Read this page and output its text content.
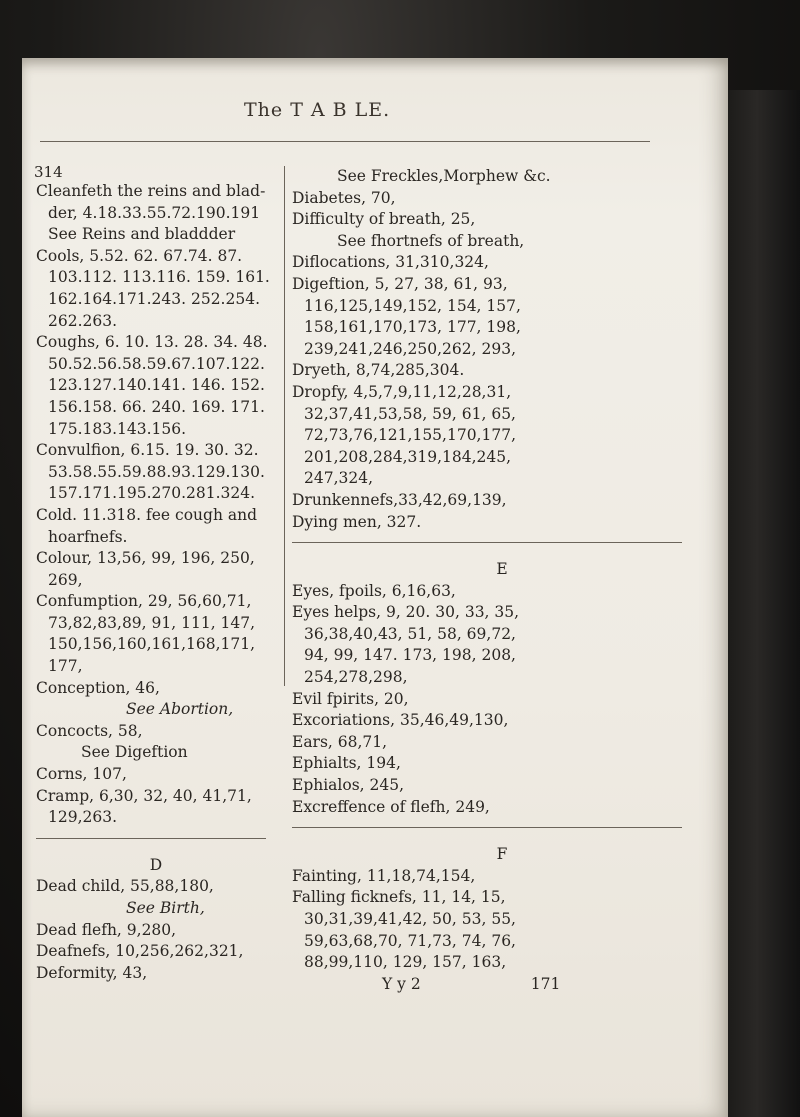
The T A B LE.
314
Cleanfeth the reins and blad-
der, 4.18.33.55.72.190.191
See Reins and bladdder
Cools, 5.52. 62. 67.74. 87.
103.112. 113.116. 159. 161.
162.164.171.243. 252.254.
262.263.
Coughs, 6. 10. 13. 28. 34. 48.
50.52.56.58.59.67.107.122.
123.127.140.141. 146. 152.
156.158. 66. 240. 169. 171.
175.183.143.156.
Convulfion, 6.15. 19. 30. 32.
53.58.55.59.88.93.129.130.
157.171.195.270.281.324.
Cold. 11.318. fee cough and
hoarfnefs.
Colour, 13,56, 99, 196, 250,
269,
Confumption, 29, 56,60,71,
73,82,83,89, 91, 111, 147,
150,156,160,161,168,171,
177,
Conception, 46,
See Abortion,
Concocts, 58,
See Digeftion
Corns, 107,
Cramp, 6,30, 32, 40, 41,71,
129,263.
D
Dead child, 55,88,180,
See Birth,
Dead flefh, 9,280,
Deafnefs, 10,256,262,321,
Deformity, 43,
See Freckles,Morphew &c.
Diabetes, 70,
Difficulty of breath, 25,
See fhortnefs of breath,
Diflocations, 31,310,324,
Digeftion, 5, 27, 38, 61, 93,
116,125,149,152, 154, 157,
158,161,170,173, 177, 198,
239,241,246,250,262, 293,
Dryeth, 8,74,285,304.
Dropfy, 4,5,7,9,11,12,28,31,
32,37,41,53,58, 59, 61, 65,
72,73,76,121,155,170,177,
201,208,284,319,184,245,
247,324,
Drunkennefs,33,42,69,139,
Dying men, 327.
E
Eyes, fpoils, 6,16,63,
Eyes helps, 9, 20. 30, 33, 35,
36,38,40,43, 51, 58, 69,72,
94, 99, 147. 173, 198, 208,
254,278,298,
Evil fpirits, 20,
Excoriations, 35,46,49,130,
Ears, 68,71,
Ephialts, 194,
Ephialos, 245,
Excreffence of flefh, 249,
F
Fainting, 11,18,74,154,
Falling ficknefs, 11, 14, 15,
30,31,39,41,42, 50, 53, 55,
59,63,68,70, 71,73, 74, 76,
88,99,110, 129, 157, 163,
Y y 2	171
